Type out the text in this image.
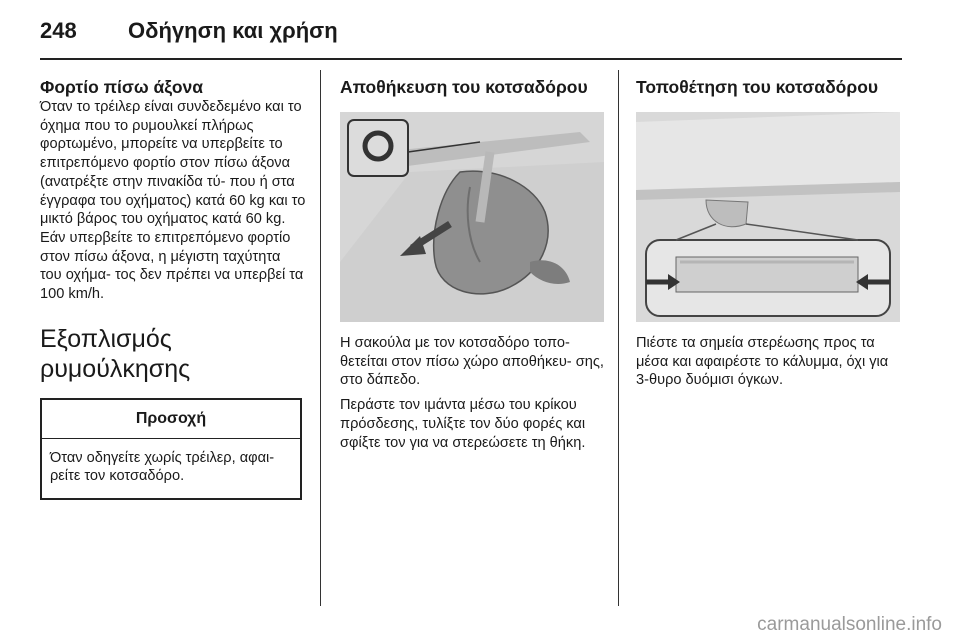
248 Οδήγηση και χρήση
Φορτίο πίσω άξονα

Όταν το τρέιλερ είναι συνδεδεμένο και το όχημα που το ρυμουλκεί πλήρως φορτωμένο, μπορείτε να υπερβείτε το επιτρεπόμενο φορτίο στον πίσω άξονα (ανατρέξτε στην πινακίδα τύ- που ή στα έγγραφα του οχήματος) κατά 60 kg και το μικτό βάρος του οχήματος κατά 60 kg. Εάν υπερβείτε το επιτρεπόμενο φορτίο στον πίσω άξονα, η μέγιστη ταχύτητα του οχήμα- τος δεν πρέπει να υπερβεί τα 100 km/h.

Εξοπλισμός ρυμούλκησης
Προσοχή
Όταν οδηγείτε χωρίς τρέιλερ, αφαι- ρείτε τον κοτσαδόρο.
Αποθήκευση του κοτσαδόρου

Η σακούλα με τον κοτσαδόρο τοπο- θετείται στον πίσω χώρο αποθήκευ- σης, στο δάπεδο.

Περάστε τον ιμάντα μέσω του κρίκου πρόσδεσης, τυλίξτε τον δύο φορές και σφίξτε τον για να στερεώσετε τη θήκη.

Τοποθέτηση του κοτσαδόρου

Πιέστε τα σημεία στερέωσης προς τα μέσα και αφαιρέστε το κάλυμμα, όχι για 3-θυρο δυόμισι όγκων.

carmanualsonline.info
